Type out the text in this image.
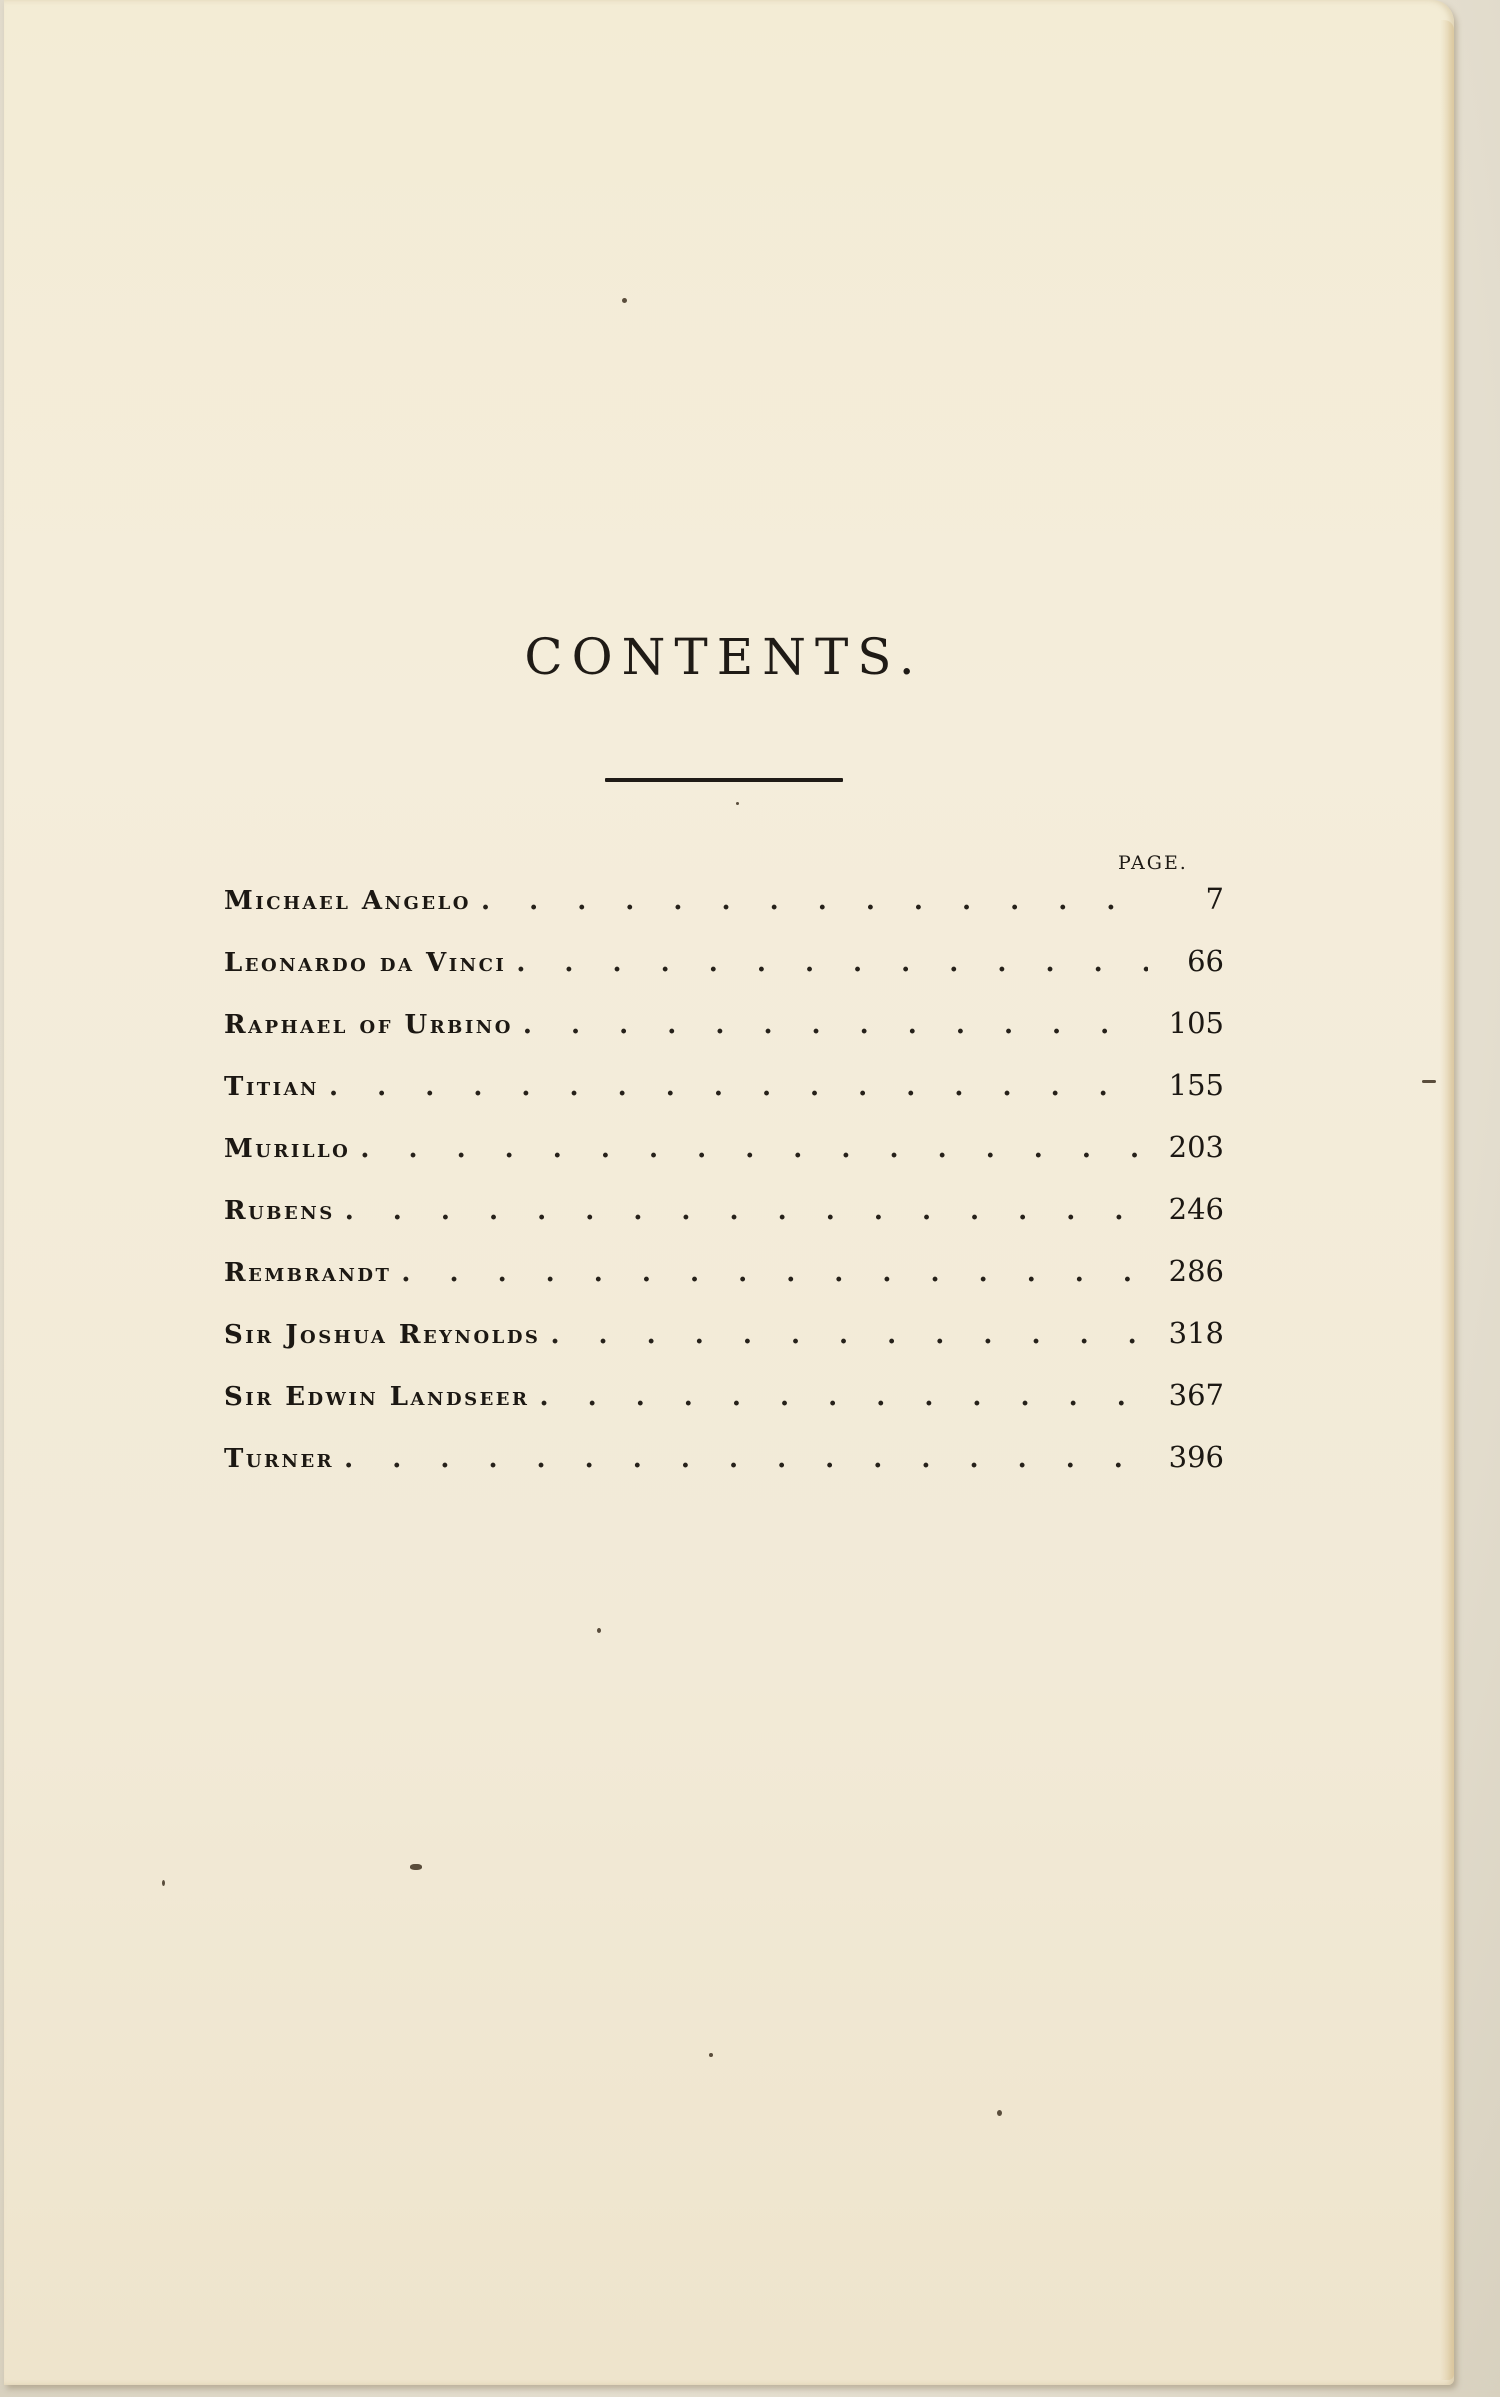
CONTENTS.
PAGE.
Michael Angelo . . .	7
Leonardo da Vinci . . .	66
Raphael of Urbino . . .	105
Titian . . .	155
Murillo . . .	203
Rubens . . .	246
Rembrandt . . .	286
Sir Joshua Reynolds . . .	318
Sir Edwin Landseer . . .	367
Turner . . .	396
